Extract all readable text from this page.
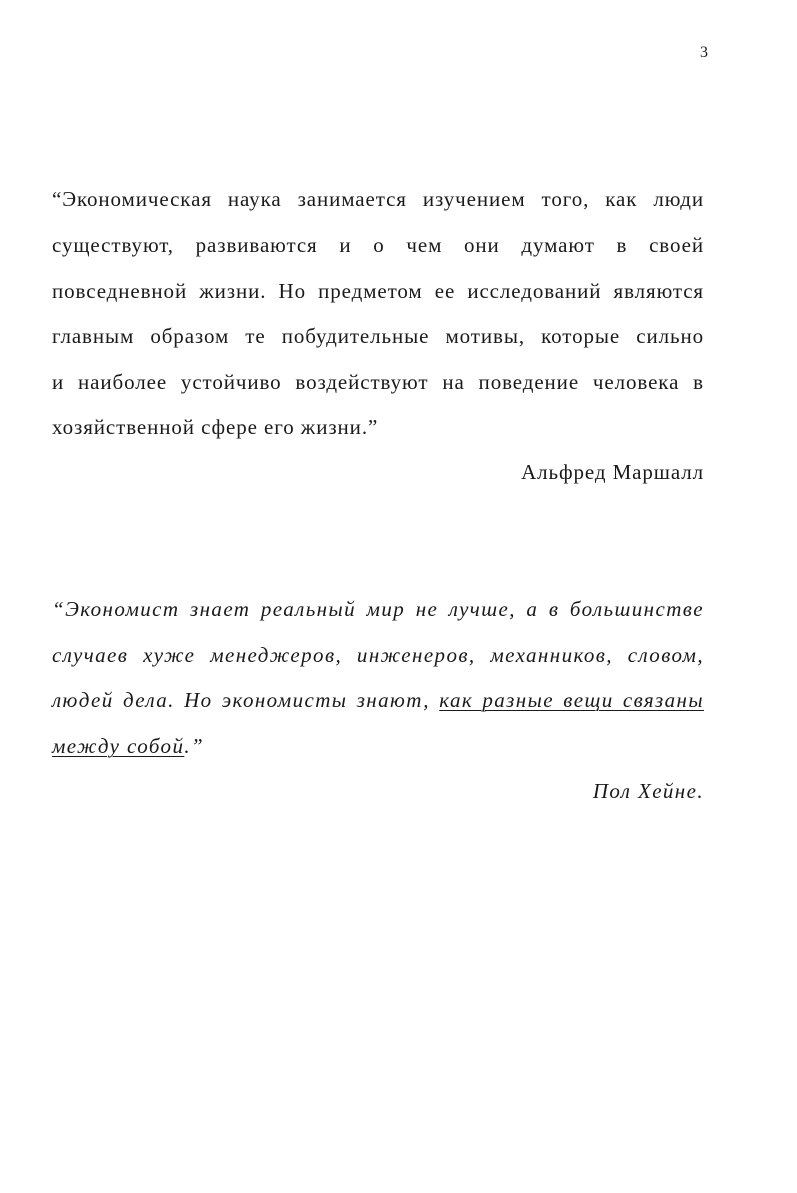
3
“Экономическая наука занимается изучением того, как люди
существуют, развиваются и о чем они думают в своей
повседневной жизни. Но предметом ее исследований являются
главным образом те побудительные мотивы, которые сильно
и наиболее устойчиво воздействуют на поведение человека в
хозяйственной сфере его жизни.”
Альфред Маршалл
“Экономист знает реальный мир не лучше, а в большинстве
случаев хуже менеджеров, инженеров, механников, словом,
людей дела. Но экономисты знают, как разные вещи связаны
между собой.”
Пол Хейне.
